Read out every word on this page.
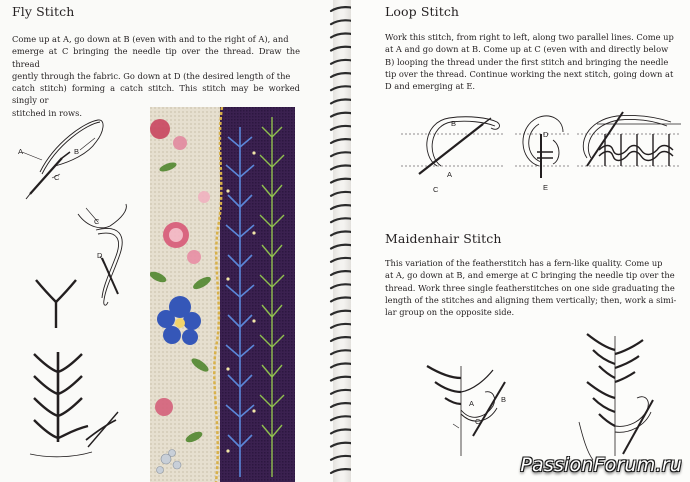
Fly Stitch
Come up at A, go down at B (even with and to the right of A), and
emerge at C bringing the needle tip over the thread. Draw the thread
gently through the fabric. Go down at D (the desired length of the
catch stitch) forming a catch stitch. This stitch may be worked singly or
stitched in rows.
A	B
C
C
D
Loop Stitch
Work this stitch, from right to left, along two parallel lines. Come up
at A and go down at B. Come up at C (even with and directly below
B) looping the thread under the first stitch and bringing the needle
tip over the thread. Continue working the next stitch, going down at
D and emerging at E.
B
A
C
D
E
Maidenhair Stitch
This variation of the featherstitch has a fern-like quality. Come up
at A, go down at B, and emerge at C bringing the needle tip over the
thread. Work three single featherstitches on one side graduating the
length of the stitches and aligning them vertically; then, work a simi-
lar group on the opposite side.
A	B
C
PassionForum.ru
